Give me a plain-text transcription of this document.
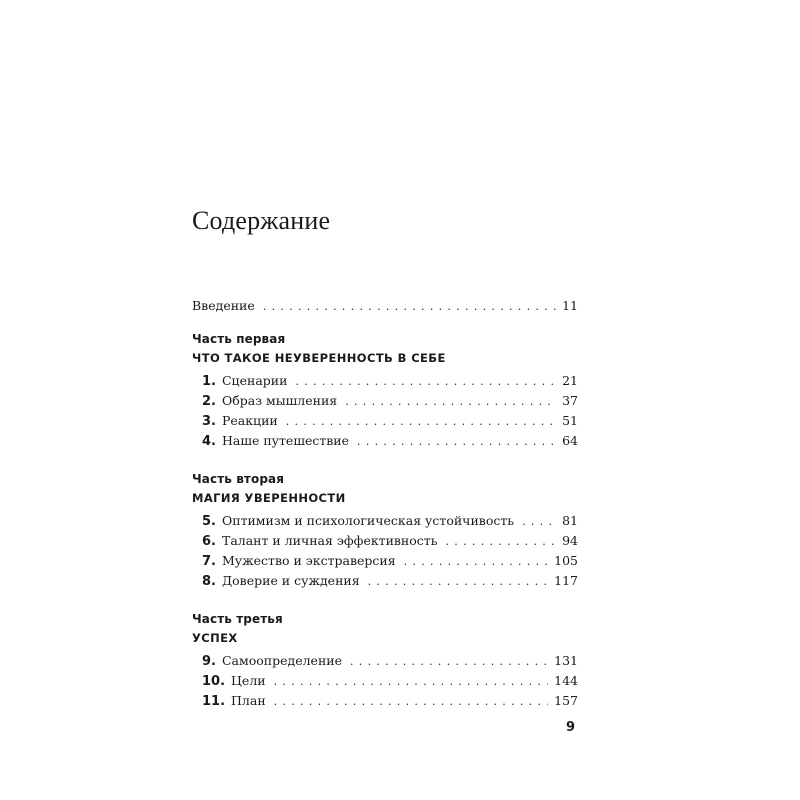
Содержание
Введение . . .	11
Часть первая
ЧТО ТАКОЕ НЕУВЕРЕННОСТЬ В СЕБЕ
1. Сценарии . . .	21
2. Образ мышления . . .	37
3. Реакции . . .	51
4. Наше путешествие . . .	64
Часть вторая
МАГИЯ УВЕРЕННОСТИ
5. Оптимизм и психологическая устойчивость . . .	81
6. Талант и личная эффективность . . .	94
7. Мужество и экстраверсия . . .	105
8. Доверие и суждения . . .	117
Часть третья
УСПЕХ
9. Самоопределение . . .	131
10. Цели . . .	144
11. План . . .	157
9
